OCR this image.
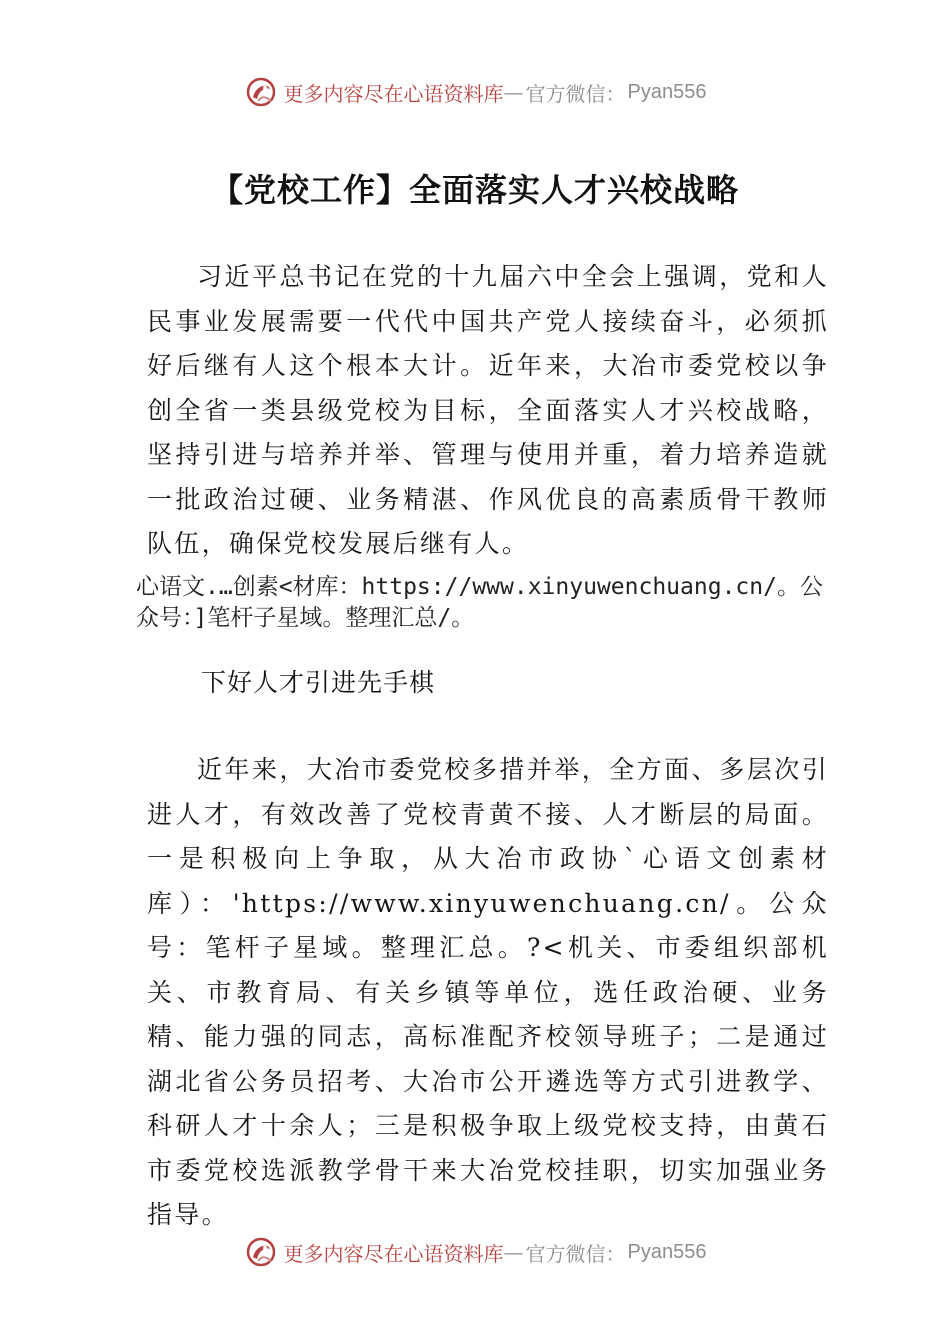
更多内容尽在心语资料库 — 官方微信： Pyan556
【党校工作】全面落实人才兴校战略

习近平总书记在党的十九届六中全会上强调，党和人民事业发展需要一代代中国共产党人接续奋斗，必须抓好后继有人这个根本大计。近年来，大冶市委党校以争创全省一类县级党校为目标，全面落实人才兴校战略， 坚持引进与培养并举、管理与使用并重，着力培养造就一批政治过硬、业务精湛、作风优良的高素质骨干教师队伍，确保党校发展后继有人。

心语文.…创素<材库：https://www.xinyuwenchuang.cn/。公众号：]笔杆子星域。整理汇总/。

下好人才引进先手棋

近年来，大冶市委党校多措并举，全方面、多层次引进人才，有效改善了党校青黄不接、人才断层的局面。一是积极向上争取，从大冶市政协`心语文创素材库）：'https://www.xinyuwenchuang.cn/。公众号：笔杆子星域。整理汇总。?<机关、市委组织部机关、市教育局、有关乡镇等单位，选任政治硬、业务精、能力强的同志，高标准配齐校领导班子；二是通过湖北省公务员招考、大冶市公开遴选等方式引进教学、科研人才十余人；三是积极争取上级党校支持，由黄石市委党校选派教学骨干来大冶党校挂职，切实加强业务指导。

更多内容尽在心语资料库 — 官方微信： Pyan556
